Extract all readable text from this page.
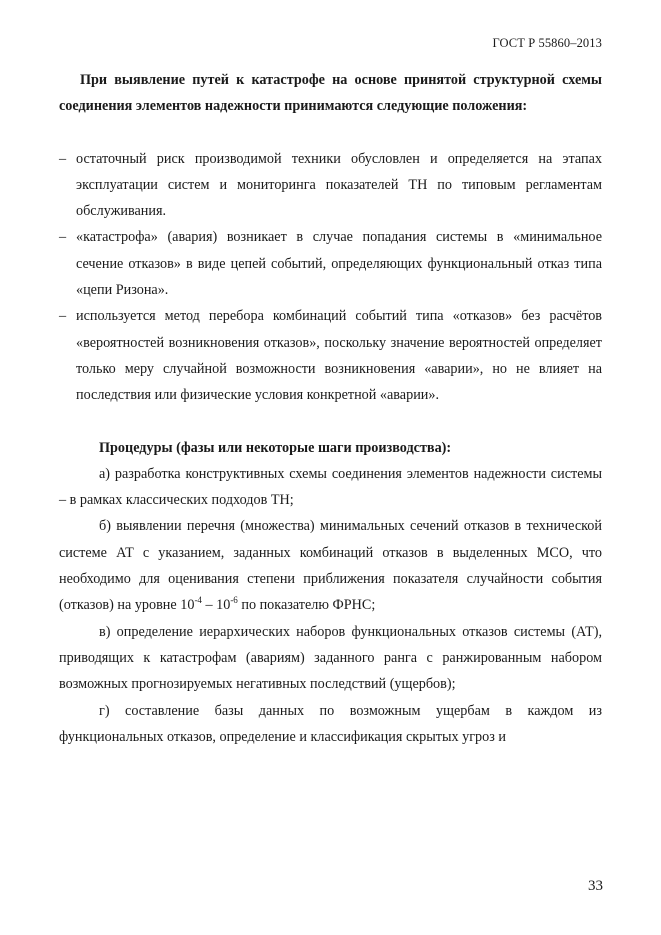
ГОСТ Р 55860–2013

При выявление путей к катастрофе на основе принятой структурной схемы соединения элементов надежности принимаются следующие положения:

– остаточный риск производимой техники обусловлен и определяется на этапах эксплуатации систем и мониторинга показателей ТН по типовым регламентам обслуживания.
– «катастрофа» (авария) возникает в случае попадания системы в «минимальное сечение отказов» в виде цепей событий, определяющих функциональный отказ типа «цепи Ризона».
– используется метод перебора комбинаций событий типа «отказов» без расчётов «вероятностей возникновения отказов», поскольку значение вероятностей определяет только меру случайной возможности возникновения «аварии», но не влияет на последствия или физические условия конкретной «аварии».

Процедуры (фазы или некоторые шаги производства):

а) разработка конструктивных схемы соединения элементов надежности системы – в рамках классических подходов ТН;

б) выявлении перечня (множества) минимальных сечений отказов в технической системе АТ с указанием, заданных комбинаций отказов в выделенных МСО, что необходимо для оценивания степени приближения показателя случайности события (отказов) на уровне $10^{-4} - 10^{-6}$ по показателю ФРНС;

в) определение иерархических наборов функциональных отказов системы (АТ), приводящих к катастрофам (авариям) заданного ранга с ранжированным набором возможных прогнозируемых негативных последствий (ущербов);

г) составление базы данных по возможным ущербам в каждом из функциональных отказов, определение и классификация скрытых угроз и

33
